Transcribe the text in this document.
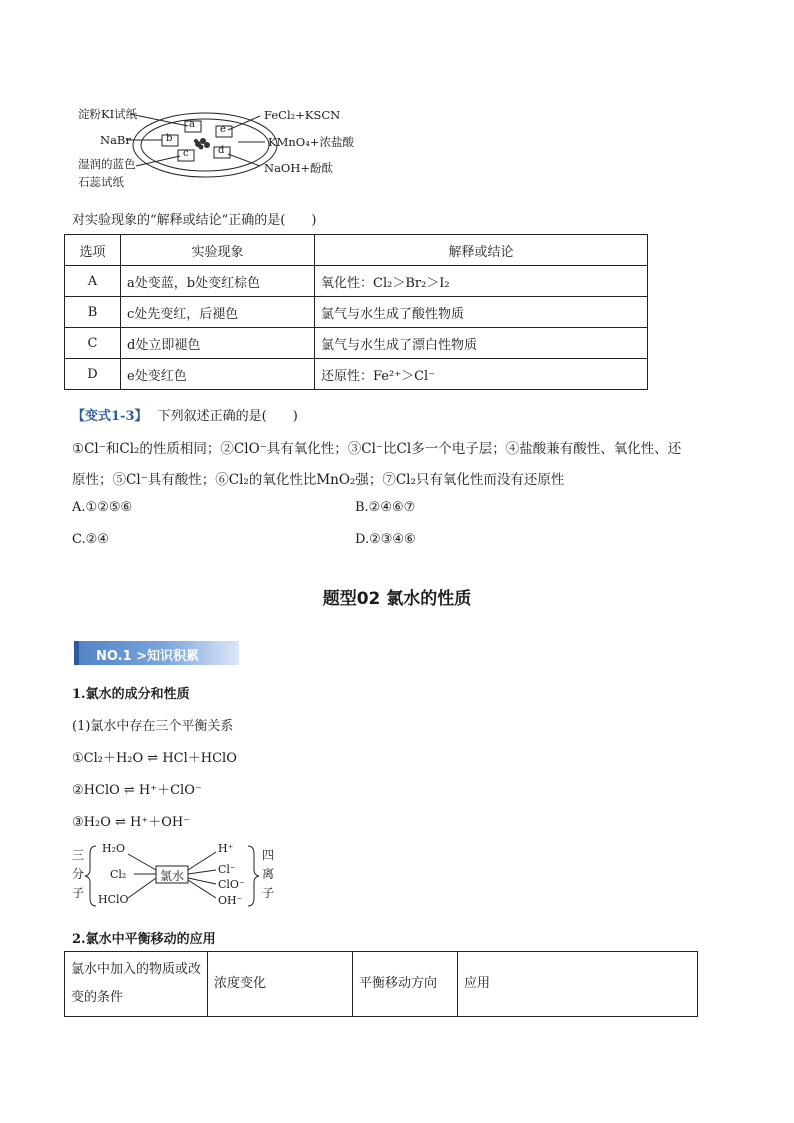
a
b
c	d
e
淀粉KI试纸
NaBr
湿润的蓝色
石蕊试纸
FeCl₂+KSCN
KMnO₄+浓盐酸
NaOH+酚酞
对实验现象的“解释或结论”正确的是(　　)
选项	实验现象	解释或结论
A	a处变蓝，b处变红棕色	氧化性：Cl₂＞Br₂＞I₂
B	c处先变红，后褪色	氯气与水生成了酸性物质
C	d处立即褪色	氯气与水生成了漂白性物质
D	e处变红色	还原性：Fe²⁺＞Cl⁻
【变式1-3】 下列叙述正确的是(　　)
①Cl⁻和Cl₂的性质相同；②ClO⁻具有氧化性；③Cl⁻比Cl多一个电子层；④盐酸兼有酸性、氧化性、还
原性；⑤Cl⁻具有酸性；⑥Cl₂的氧化性比MnO₂强；⑦Cl₂只有氧化性而没有还原性
A.①②⑤⑥	B.②④⑥⑦
C.②④	D.②③④⑥
题型02 氯水的性质
NO.1 >知识积累
1.氯水的成分和性质
(1)氯水中存在三个平衡关系
①Cl₂＋H₂O ⇌ HCl＋HClO
②HClO ⇌ H⁺＋ClO⁻
③H₂O ⇌ H⁺＋OH⁻
三分子
H₂O
Cl₂
HClO
氯水
H⁺
Cl⁻
ClO⁻
OH⁻
四离子
2.氯水中平衡移动的应用
氯水中加入的物质或改变的条件	浓度变化	平衡移动方向	应用
